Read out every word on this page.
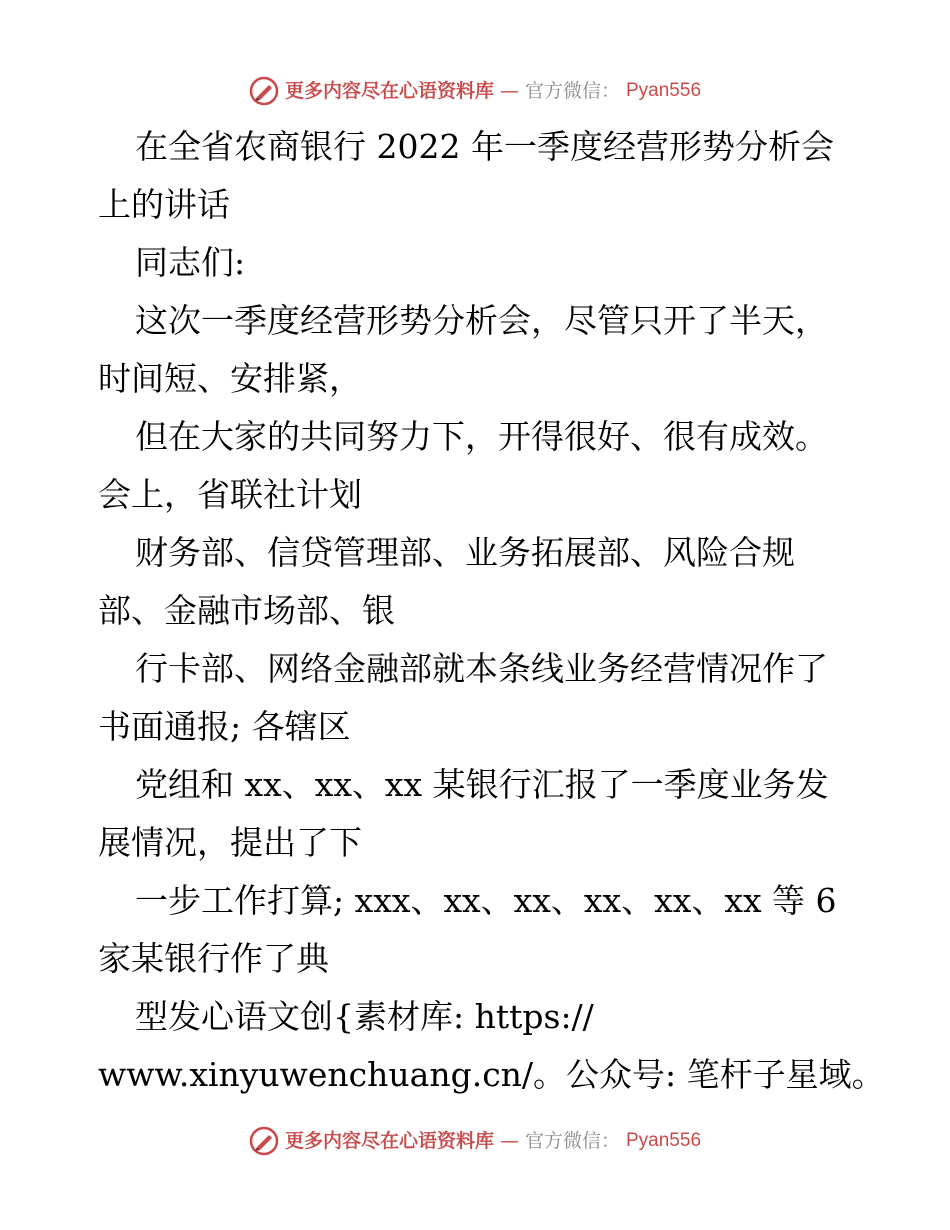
更多内容尽在心语资料库 — 官方微信： Pyan556
在全省农商银行 2022 年一季度经营形势分析会
上的讲话
同志们:
这次一季度经营形势分析会，尽管只开了半天，
时间短、安排紧，
但在大家的共同努力下，开得很好、很有成效。
会上，省联社计划
财务部、信贷管理部、业务拓展部、风险合规
部、金融市场部、银
行卡部、网络金融部就本条线业务经营情况作了
书面通报; 各辖区
党组和 xx、xx、xx 某银行汇报了一季度业务发
展情况，提出了下
一步工作打算; xxx、xx、xx、xx、xx、xx 等 6
家某银行作了典
型发心语文创{素材库: https://
www.xinyuwenchuang.cn/。公众号: 笔杆子星域。
更多内容尽在心语资料库 — 官方微信： Pyan556
